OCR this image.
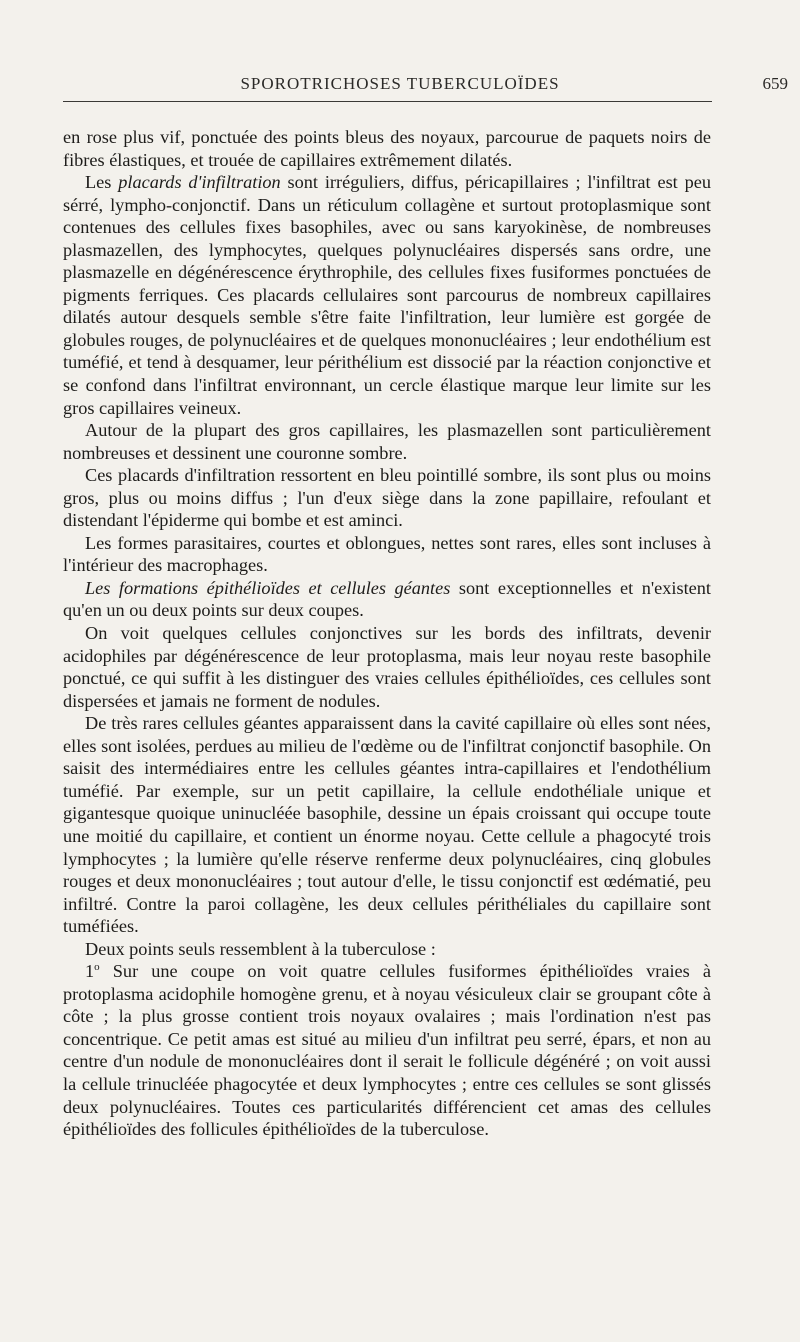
SPOROTRICHOSES TUBERCULOÏDES	659

en rose plus vif, ponctuée des points bleus des noyaux, parcourue de paquets noirs de fibres élastiques, et trouée de capillaires extrêmement dilatés.

Les placards d'infiltration sont irréguliers, diffus, péricapillaires ; l'infiltrat est peu sérré, lympho-conjonctif. Dans un réticulum collagène et surtout protoplasmique sont contenues des cellules fixes basophiles, avec ou sans karyokinèse, de nombreuses plasmazellen, des lymphocytes, quelques polynucléaires dispersés sans ordre, une plasmazelle en dégénérescence érythrophile, des cellules fixes fusiformes ponctuées de pigments ferriques. Ces placards cellulaires sont parcourus de nombreux capillaires dilatés autour desquels semble s'être faite l'infiltration, leur lumière est gorgée de globules rouges, de polynucléaires et de quelques mononucléaires ; leur endothélium est tuméfié, et tend à desquamer, leur périthélium est dissocié par la réaction conjonctive et se confond dans l'infiltrat environnant, un cercle élastique marque leur limite sur les gros capillaires veineux.

Autour de la plupart des gros capillaires, les plasmazellen sont particulièrement nombreuses et dessinent une couronne sombre.

Ces placards d'infiltration ressortent en bleu pointillé sombre, ils sont plus ou moins gros, plus ou moins diffus ; l'un d'eux siège dans la zone papillaire, refoulant et distendant l'épiderme qui bombe et est aminci.

Les formes parasitaires, courtes et oblongues, nettes sont rares, elles sont incluses à l'intérieur des macrophages.

Les formations épithélioïdes et cellules géantes sont exceptionnelles et n'existent qu'en un ou deux points sur deux coupes.

On voit quelques cellules conjonctives sur les bords des infiltrats, devenir acidophiles par dégénérescence de leur protoplasma, mais leur noyau reste basophile ponctué, ce qui suffit à les distinguer des vraies cellules épithélioïdes, ces cellules sont dispersées et jamais ne forment de nodules.

De très rares cellules géantes apparaissent dans la cavité capillaire où elles sont nées, elles sont isolées, perdues au milieu de l'œdème ou de l'infiltrat conjonctif basophile. On saisit des intermédiaires entre les cellules géantes intra-capillaires et l'endothélium tuméfié. Par exemple, sur un petit capillaire, la cellule endothéliale unique et gigantesque quoique uninucléée basophile, dessine un épais croissant qui occupe toute une moitié du capillaire, et contient un énorme noyau. Cette cellule a phagocyté trois lymphocytes ; la lumière qu'elle réserve renferme deux polynucléaires, cinq globules rouges et deux mononucléaires ; tout autour d'elle, le tissu conjonctif est œdématié, peu infiltré. Contre la paroi collagène, les deux cellules périthéliales du capillaire sont tuméfiées.

Deux points seuls ressemblent à la tuberculose :

1$^o$ Sur une coupe on voit quatre cellules fusiformes épithélioïdes vraies à protoplasma acidophile homogène grenu, et à noyau vésiculeux clair se groupant côte à côte ; la plus grosse contient trois noyaux ovalaires ; mais l'ordination n'est pas concentrique. Ce petit amas est situé au milieu d'un infiltrat peu serré, épars, et non au centre d'un nodule de mononucléaires dont il serait le follicule dégénéré ; on voit aussi la cellule trinucléée phagocytée et deux lymphocytes ; entre ces cellules se sont glissés deux polynucléaires. Toutes ces particularités différencient cet amas des cellules épithélioïdes des follicules épithélioïdes de la tuberculose.
